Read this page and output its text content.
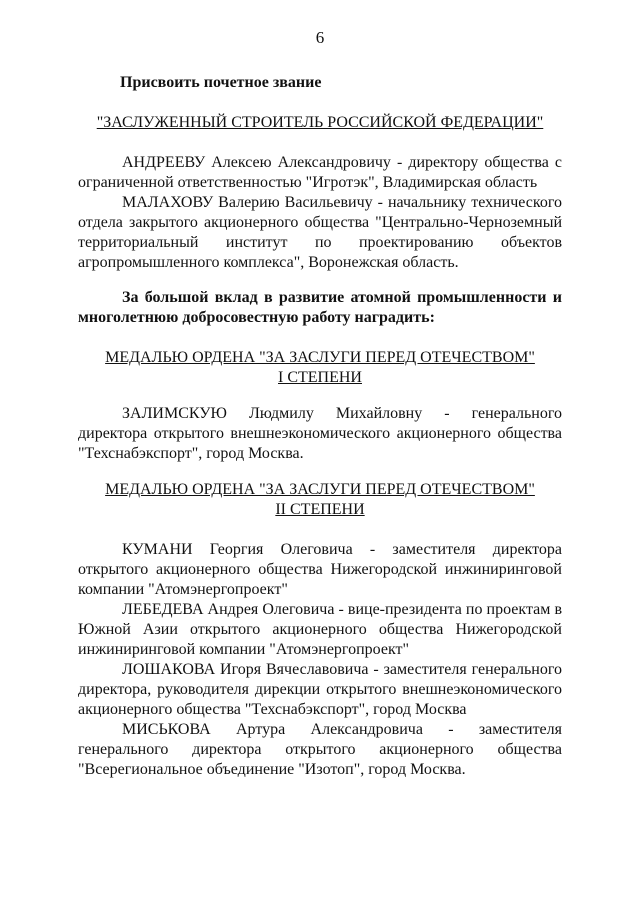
6
Присвоить почетное звание
"ЗАСЛУЖЕННЫЙ СТРОИТЕЛЬ РОССИЙСКОЙ ФЕДЕРАЦИИ"

АНДРЕЕВУ Алексею Александровичу - директору общества с ограниченной ответственностью "Игротэк", Владимирская область

МАЛАХОВУ Валерию Васильевичу - начальнику технического отдела закрытого акционерного общества "Центрально-Черноземный территориальный институт по проектированию объектов агропромышленного комплекса", Воронежская область.

За большой вклад в развитие атомной промышленности и многолетнюю добросовестную работу наградить:

МЕДАЛЬЮ ОРДЕНА "ЗА ЗАСЛУГИ ПЕРЕД ОТЕЧЕСТВОМ"

I СТЕПЕНИ

ЗАЛИМСКУЮ Людмилу Михайловну - генерального директора открытого внешнеэкономического акционерного общества "Техснабэкспорт", город Москва.

МЕДАЛЬЮ ОРДЕНА "ЗА ЗАСЛУГИ ПЕРЕД ОТЕЧЕСТВОМ"

II СТЕПЕНИ

КУМАНИ Георгия Олеговича - заместителя директора открытого акционерного общества Нижегородской инжиниринговой компании "Атомэнергопроект"

ЛЕБЕДЕВА Андрея Олеговича - вице-президента по проектам в Южной Азии открытого акционерного общества Нижегородской инжиниринговой компании "Атомэнергопроект"

ЛОШАКОВА Игоря Вячеславовича - заместителя генерального директора, руководителя дирекции открытого внешнеэкономического акционерного общества "Техснабэкспорт", город Москва

МИСЬКОВА Артура Александровича - заместителя генерального директора открытого акционерного общества "Всерегиональное объединение "Изотоп", город Москва.
